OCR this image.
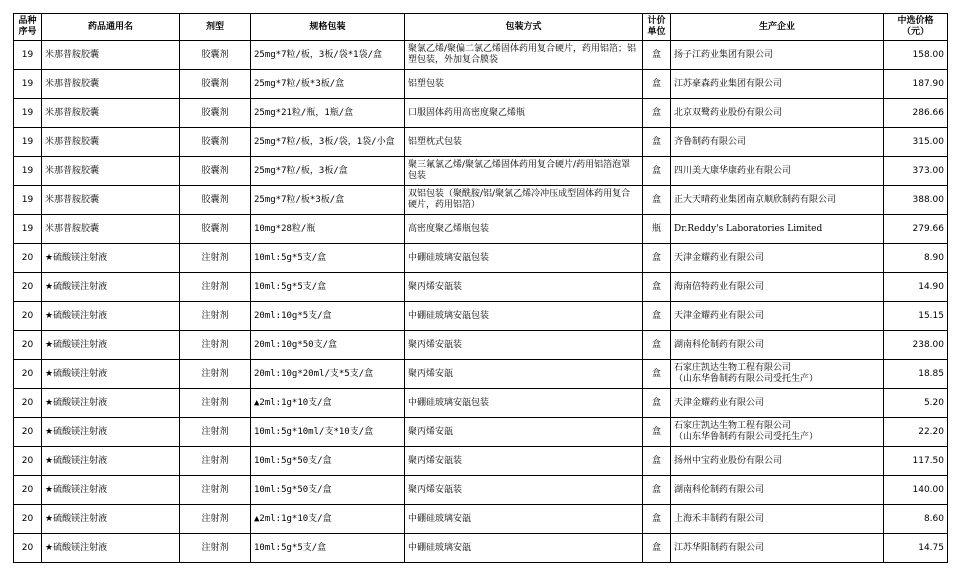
品种序号	药品通用名	剂型	规格包装	包装方式	计价单位	生产企业	中选价格（元）
19	米那普胺胶囊	胶囊剂	25mg*7粒/板，3板/袋*1袋/盒	聚氯乙烯/聚偏二氯乙烯固体药用复合硬片，药用铝箔；铝塑包装，外加复合膜袋	盒	扬子江药业集团有限公司	158.00
19	米那普胺胶囊	胶囊剂	25mg*7粒/板*3板/盒	铝塑包装	盒	江苏豪森药业集团有限公司	187.90
19	米那普胺胶囊	胶囊剂	25mg*21粒/瓶，1瓶/盒	口服固体药用高密度聚乙烯瓶	盒	北京双鹭药业股份有限公司	286.66
19	米那普胺胶囊	胶囊剂	25mg*7粒/板，3板/袋，1袋/小盒	铝塑枕式包装	盒	齐鲁制药有限公司	315.00
19	米那普胺胶囊	胶囊剂	25mg*7粒/板，3板/盒	聚三氟氯乙烯/聚氯乙烯固体药用复合硬片/药用铝箔泡罩包装	盒	四川美大康华康药业有限公司	373.00
19	米那普胺胶囊	胶囊剂	25mg*7粒/板*3板/盒	双铝包装（聚酰胺/铝/聚氯乙烯冷冲压成型固体药用复合硬片，药用铝箔）	盒	正大天晴药业集团南京顺欣制药有限公司	388.00
19	米那普胺胶囊	胶囊剂	10mg*28粒/瓶	高密度聚乙烯瓶包装	瓶	Dr.Reddy's Laboratories Limited	279.66
20	★硫酸镁注射液	注射剂	10ml:5g*5支/盒	中硼硅玻璃安瓿包装	盒	天津金耀药业有限公司	8.90
20	★硫酸镁注射液	注射剂	10ml:5g*5支/盒	聚丙烯安瓿装	盒	海南倍特药业有限公司	14.90
20	★硫酸镁注射液	注射剂	20ml:10g*5支/盒	中硼硅玻璃安瓿包装	盒	天津金耀药业有限公司	15.15
20	★硫酸镁注射液	注射剂	20ml:10g*50支/盒	聚丙烯安瓿装	盒	湖南科伦制药有限公司	238.00
20	★硫酸镁注射液	注射剂	20ml:10g*20ml/支*5支/盒	聚丙烯安瓿	盒	石家庄凯达生物工程有限公司
（山东华鲁制药有限公司受托生产）	18.85
20	★硫酸镁注射液	注射剂	▲2ml:1g*10支/盒	中硼硅玻璃安瓿包装	盒	天津金耀药业有限公司	5.20
20	★硫酸镁注射液	注射剂	10ml:5g*10ml/支*10支/盒	聚丙烯安瓿	盒	石家庄凯达生物工程有限公司
（山东华鲁制药有限公司受托生产）	22.20
20	★硫酸镁注射液	注射剂	10ml:5g*50支/盒	聚丙烯安瓿装	盒	扬州中宝药业股份有限公司	117.50
20	★硫酸镁注射液	注射剂	10ml:5g*50支/盒	聚丙烯安瓿装	盒	湖南科伦制药有限公司	140.00
20	★硫酸镁注射液	注射剂	▲2ml:1g*10支/盒	中硼硅玻璃安瓿	盒	上海禾丰制药有限公司	8.60
20	★硫酸镁注射液	注射剂	10ml:5g*5支/盒	中硼硅玻璃安瓿	盒	江苏华阳制药有限公司	14.75
